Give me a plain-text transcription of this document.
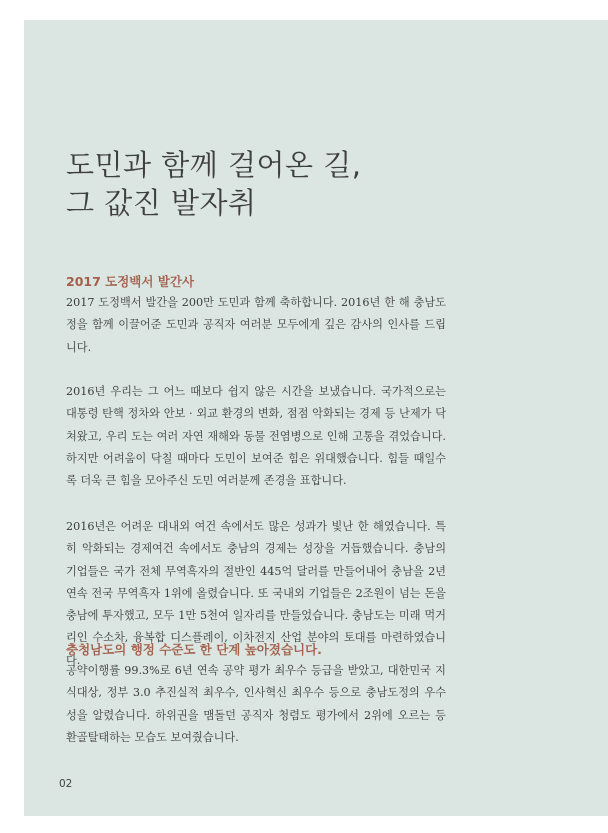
도민과 함께 걸어온 길,
그 값진 발자취
2017 도정백서 발간사

2017 도정백서 발간을 200만 도민과 함께 축하합니다. 2016년 한 해 충남도정을 함께 이끌어준 도민과 공직자 여러분 모두에게 깊은 감사의 인사를 드립니다.

2016년 우리는 그 어느 때보다 쉽지 않은 시간을 보냈습니다. 국가적으로는 대통령 탄핵 정차와 안보 · 외교 환경의 변화, 점점 악화되는 경제 등 난제가 닥쳐왔고, 우리 도는 여러 자연 재해와 동물 전염병으로 인해 고통을 겪었습니다. 하지만 어려움이 닥칠 때마다 도민이 보여준 힘은 위대했습니다. 힘들 때일수록 더욱 큰 힘을 모아주신 도민 여러분께 존경을 표합니다.

2016년은 어려운 대내외 여건 속에서도 많은 성과가 빛난 한 해였습니다. 특히 악화되는 경제여건 속에서도 충남의 경제는 성장을 거듭했습니다. 충남의 기업들은 국가 전체 무역흑자의 절반인 445억 달러를 만들어내어 충남을 2년 연속 전국 무역흑자 1위에 올렸습니다. 또 국내외 기업들은 2조원이 넘는 돈을 충남에 투자했고, 모두 1만 5천여 일자리를 만들었습니다. 충남도는 미래 먹거리인 수소차, 융복합 디스플레이, 이차전지 산업 분야의 토대를 마련하였습니다.

충청남도의 행정 수준도 한 단계 높아졌습니다.

공약이행률 99.3%로 6년 연속 공약 평가 최우수 등급을 받았고, 대한민국 지식대상, 정부 3.0 추진실적 최우수, 인사혁신 최우수 등으로 충남도정의 우수성을 알렸습니다. 하위권을 맴돌던 공직자 청렴도 평가에서 2위에 오르는 등 환골탈태하는 모습도 보여줬습니다.

02
